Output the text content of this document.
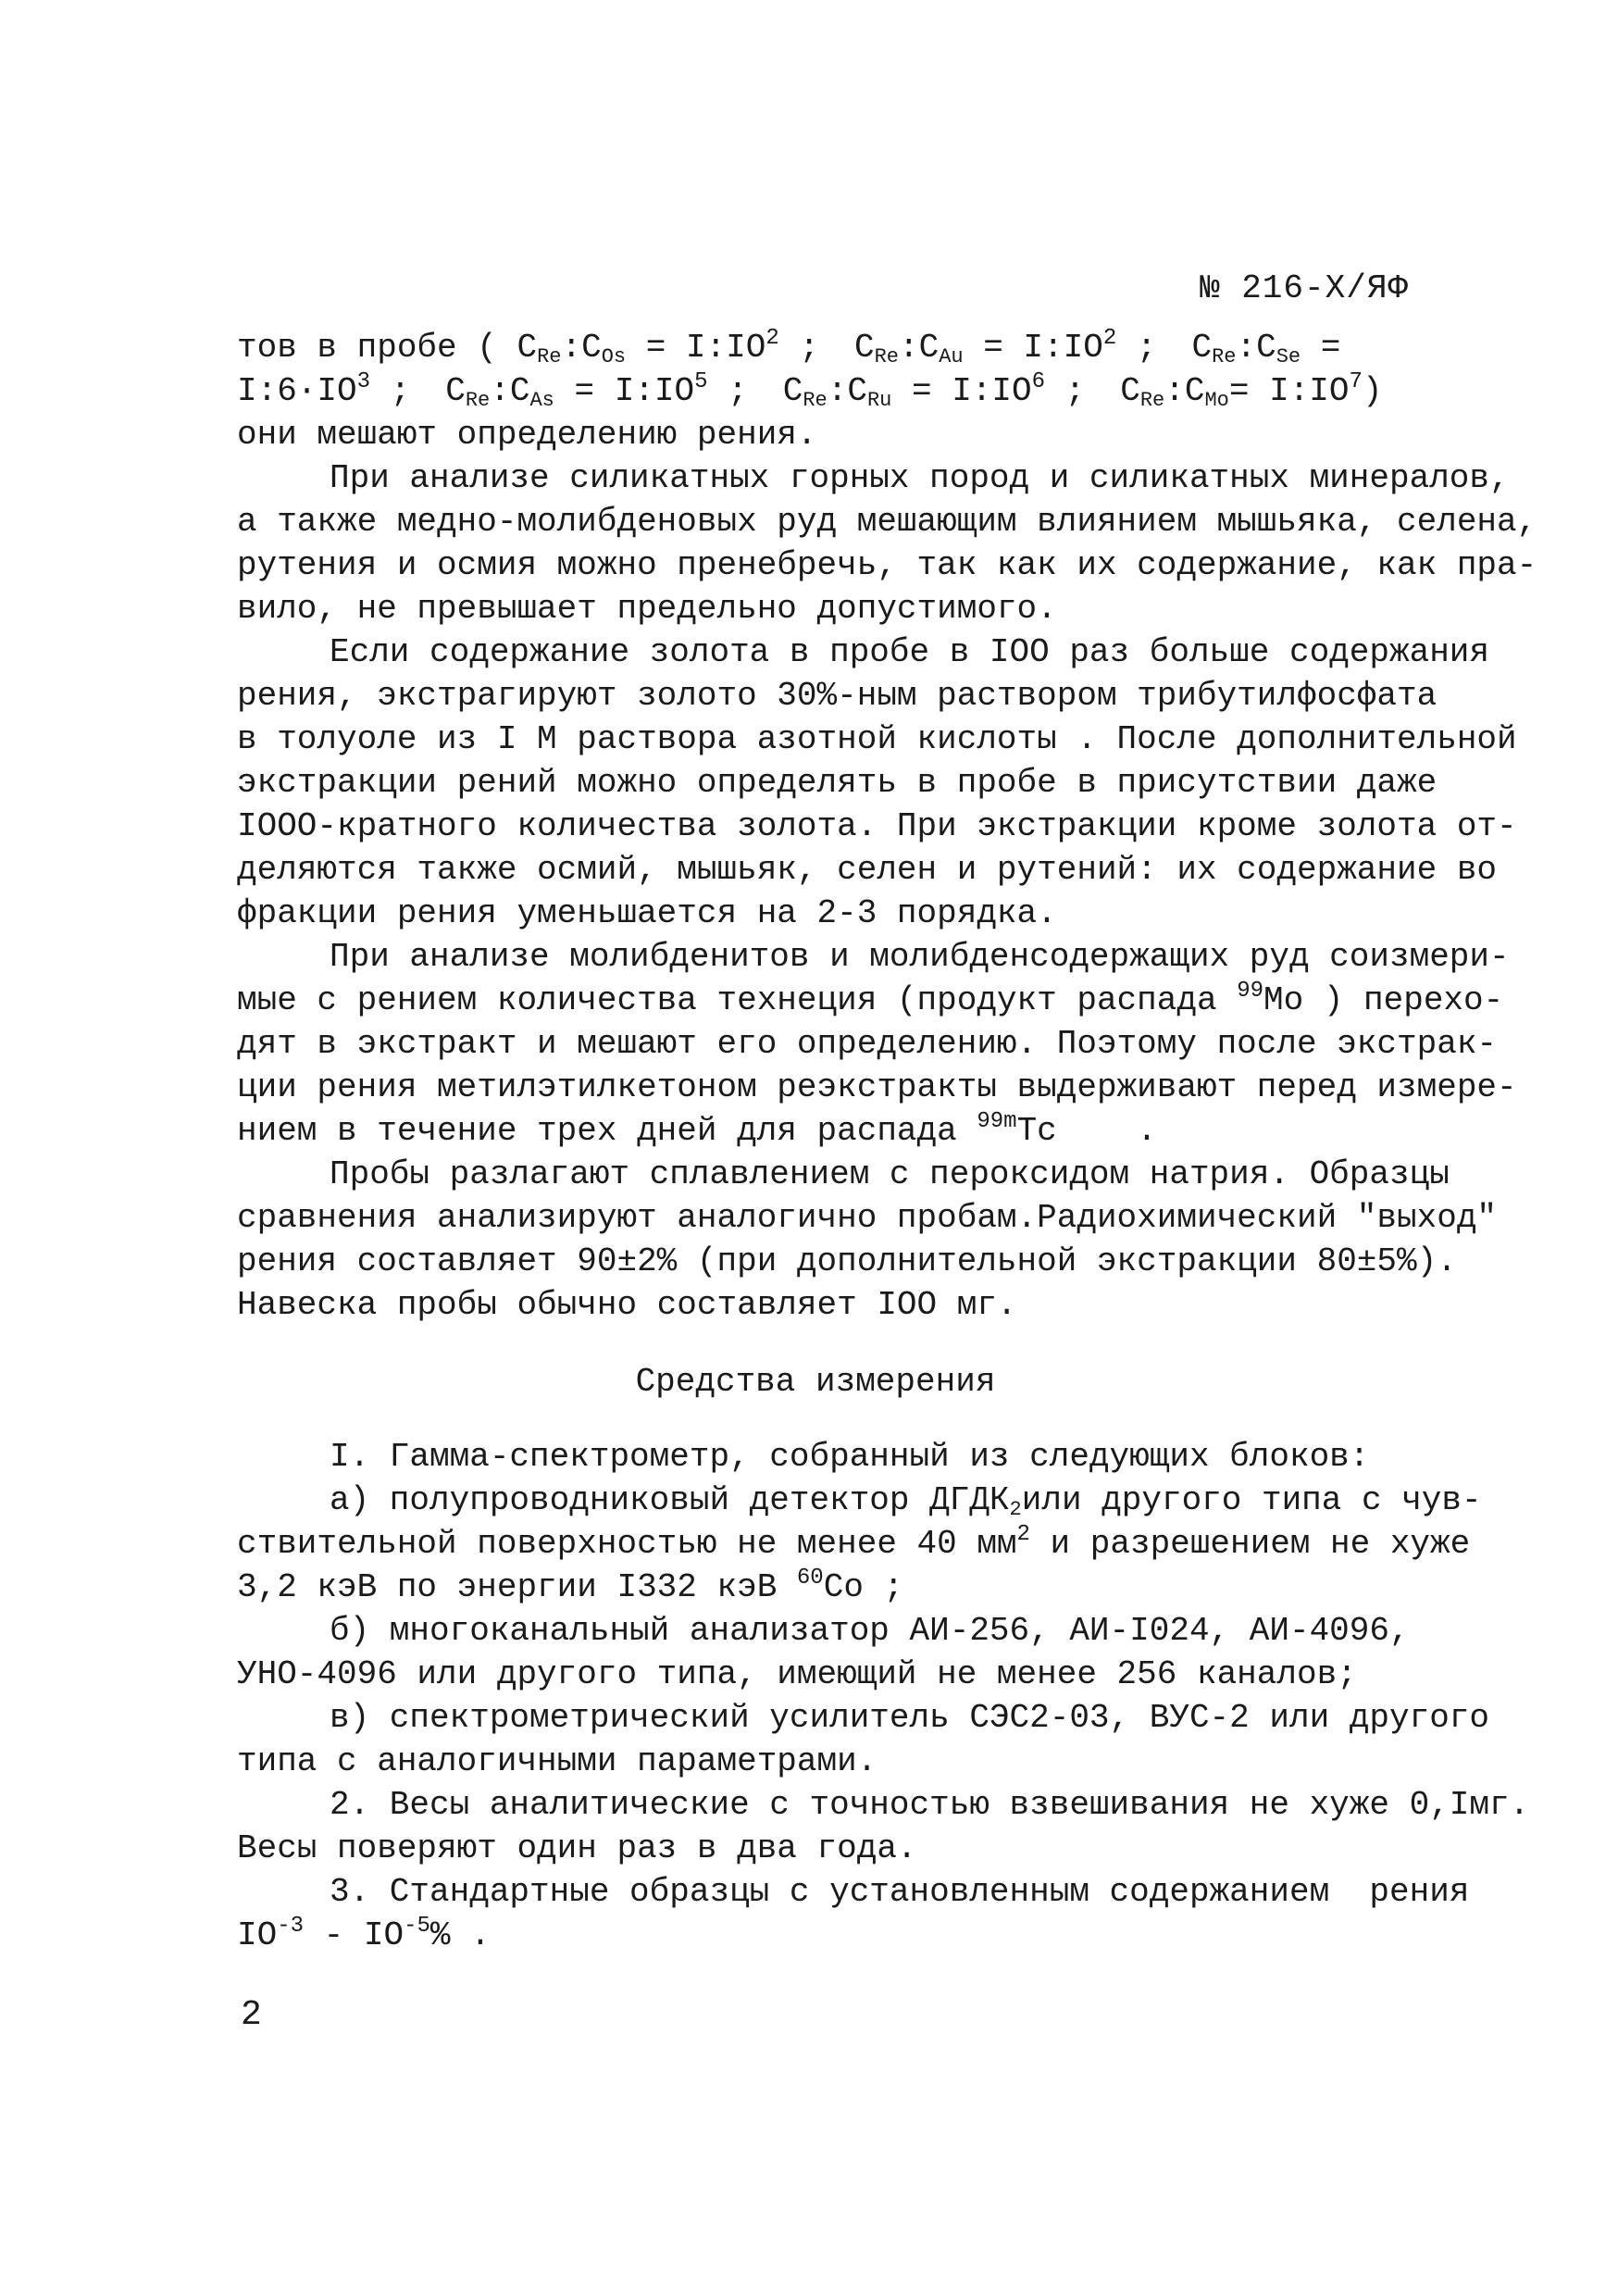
№ 216-Х/ЯФ
тов в пробе ( $C_{Re}:C_{Os}$ = $I:IO^2$ ; $C_{Re}:C_{Au}$ = $I:IO^2$ ; $C_{Re}:C_{Se}$ =
$I:6\cdot IO^3$ ; $C_{Re}:C_{As}$ = $I:IO^5$ ; $C_{Re}:C_{Ru}$ = $I:IO^6$ ; $C_{Re}:C_{Mo}=$ $I:IO^7$)
они мешают определению рения.
При анализе силикатных горных пород и силикатных минералов,
а также медно-молибденовых руд мешающим влиянием мышьяка, селена,
рутения и осмия можно пренебречь, так как их содержание, как пра-
вило, не превышает предельно допустимого.
Если содержание золота в пробе в IOO раз больше содержания
рения, экстрагируют золото 30%-ным раствором трибутилфосфата
в толуоле из I М раствора азотной кислоты . После дополнительной
экстракции рений можно определять в пробе в присутствии даже
IOOO-кратного количества золота. При экстракции кроме золота от-
деляются также осмий, мышьяк, селен и рутений: их содержание во
фракции рения уменьшается на 2-3 порядка.
При анализе молибденитов и молибденсодержащих руд соизмери-
мые с рением количества технеция (продукт распада $^{99}$Mo ) перехо-
дят в экстракт и мешают его определению. Поэтому после экстрак-
ции рения метилэтилкетоном реэкстракты выдерживают перед измере-
нием в течение трех дней для распада $^{99m}$Tc    .
Пробы разлагают сплавлением с пероксидом натрия. Образцы
сравнения анализируют аналогично пробам.Радиохимический "выход"
рения составляет 90±2% (при дополнительной экстракции 80±5%).
Навеска пробы обычно составляет IOO мг.
Средства измерения
I. Гамма-спектрометр, собранный из следующих блоков:
а) полупроводниковый детектор $ДГДК_2или$ другого типа с чув-
ствительной поверхностью не менее 40 $мм^2$ и разрешением не хуже
3,2 кэВ по энергии I332 кэВ $^{60}$Co ;
б) многоканальный анализатор АИ-256, АИ-I024, АИ-4096,
УНО-4096 или другого типа, имеющий не менее 256 каналов;
в) спектрометрический усилитель СЭС2-03, ВУС-2 или другого
типа с аналогичными параметрами.
2. Весы аналитические с точностью взвешивания не хуже 0,Iмг.
Весы поверяют один раз в два года.
3. Стандартные образцы с установленным содержанием  рения
$IO^{-3} - IO^{-5}\%$ .
2
